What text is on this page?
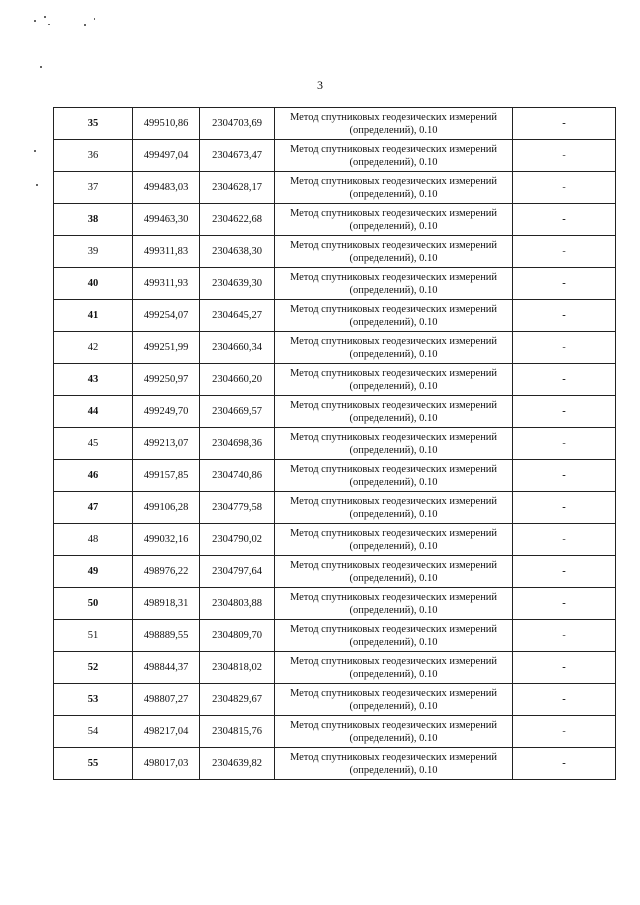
3
35	499510,86	2304703,69	Метод спутниковых геодезических измерений
(определений), 0.10	-
36	499497,04	2304673,47	Метод спутниковых геодезических измерений
(определений), 0.10	-
37	499483,03	2304628,17	Метод спутниковых геодезических измерений
(определений), 0.10	-
38	499463,30	2304622,68	Метод спутниковых геодезических измерений
(определений), 0.10	-
39	499311,83	2304638,30	Метод спутниковых геодезических измерений
(определений), 0.10	-
40	499311,93	2304639,30	Метод спутниковых геодезических измерений
(определений), 0.10	-
41	499254,07	2304645,27	Метод спутниковых геодезических измерений
(определений), 0.10	-
42	499251,99	2304660,34	Метод спутниковых геодезических измерений
(определений), 0.10	-
43	499250,97	2304660,20	Метод спутниковых геодезических измерений
(определений), 0.10	-
44	499249,70	2304669,57	Метод спутниковых геодезических измерений
(определений), 0.10	-
45	499213,07	2304698,36	Метод спутниковых геодезических измерений
(определений), 0.10	-
46	499157,85	2304740,86	Метод спутниковых геодезических измерений
(определений), 0.10	-
47	499106,28	2304779,58	Метод спутниковых геодезических измерений
(определений), 0.10	-
48	499032,16	2304790,02	Метод спутниковых геодезических измерений
(определений), 0.10	-
49	498976,22	2304797,64	Метод спутниковых геодезических измерений
(определений), 0.10	-
50	498918,31	2304803,88	Метод спутниковых геодезических измерений
(определений), 0.10	-
51	498889,55	2304809,70	Метод спутниковых геодезических измерений
(определений), 0.10	-
52	498844,37	2304818,02	Метод спутниковых геодезических измерений
(определений), 0.10	-
53	498807,27	2304829,67	Метод спутниковых геодезических измерений
(определений), 0.10	-
54	498217,04	2304815,76	Метод спутниковых геодезических измерений
(определений), 0.10	-
55	498017,03	2304639,82	Метод спутниковых геодезических измерений
(определений), 0.10	-
